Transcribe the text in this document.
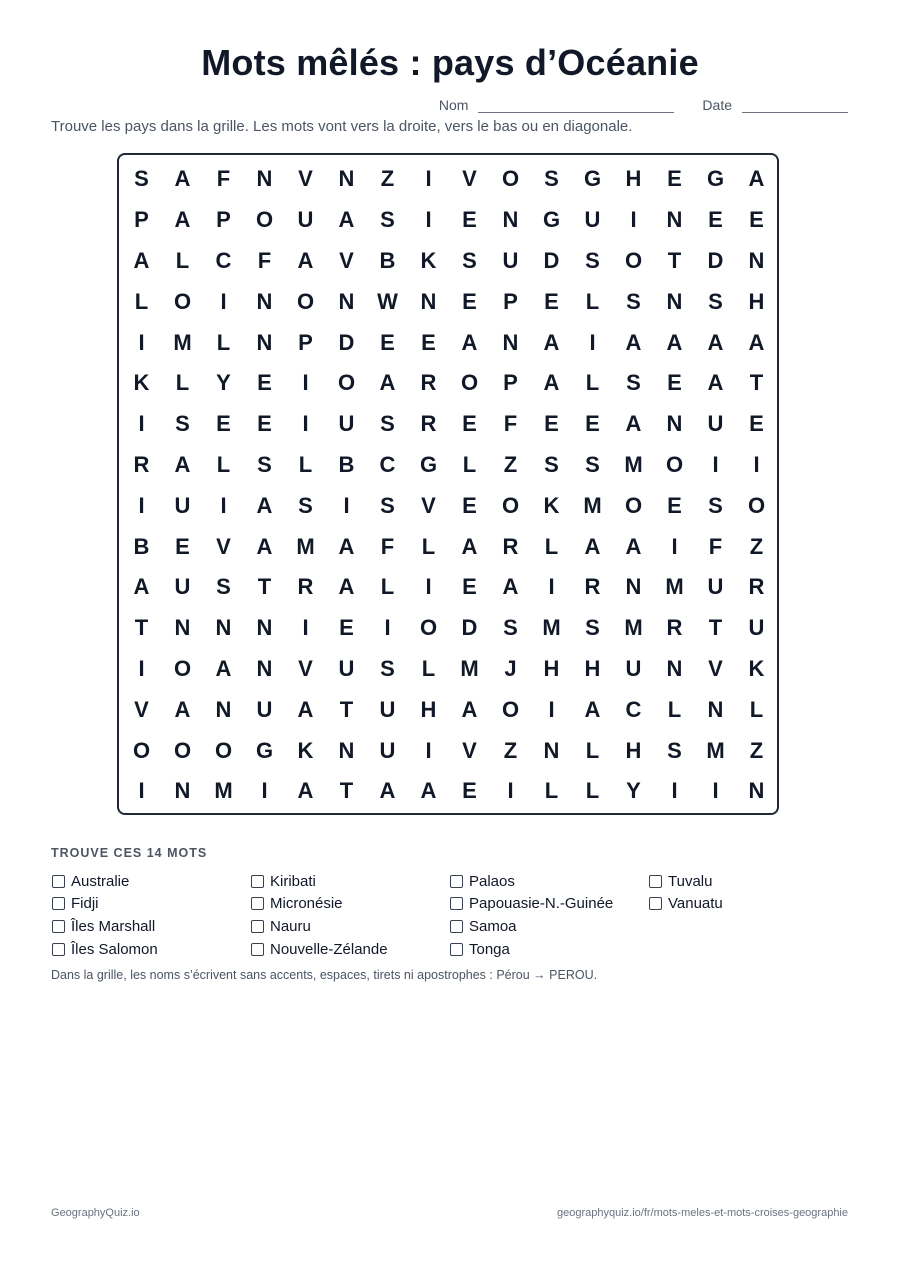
Mots mêlés : pays d’Océanie
Nom	Date
Trouve les pays dans la grille. Les mots vont vers la droite, vers le bas ou en diagonale.
S	A	F	N	V	N	Z	I	V	O	S	G	H	E	G	A
P	A	P	O	U	A	S	I	E	N	G	U	I	N	E	E
A	L	C	F	A	V	B	K	S	U	D	S	O	T	D	N
L	O	I	N	O	N	W	N	E	P	E	L	S	N	S	H
I	M	L	N	P	D	E	E	A	N	A	I	A	A	A	A
K	L	Y	E	I	O	A	R	O	P	A	L	S	E	A	T
I	S	E	E	I	U	S	R	E	F	E	E	A	N	U	E
R	A	L	S	L	B	C	G	L	Z	S	S	M	O	I	I
I	U	I	A	S	I	S	V	E	O	K	M	O	E	S	O
B	E	V	A	M	A	F	L	A	R	L	A	A	I	F	Z
A	U	S	T	R	A	L	I	E	A	I	R	N	M	U	R
T	N	N	N	I	E	I	O	D	S	M	S	M	R	T	U
I	O	A	N	V	U	S	L	M	J	H	H	U	N	V	K
V	A	N	U	A	T	U	H	A	O	I	A	C	L	N	L
O	O	O	G	K	N	U	I	V	Z	N	L	H	S	M	Z
I	N	M	I	A	T	A	A	E	I	L	L	Y	I	I	N
TROUVE CES 14 MOTS
Australie
Fidji
Îles Marshall
Îles Salomon
Kiribati
Micronésie
Nauru
Nouvelle-Zélande
Palaos
Papouasie-N.-Guinée
Samoa
Tonga
Tuvalu
Vanuatu
Dans la grille, les noms s’écrivent sans accents, espaces, tirets ni apostrophes : Pérou → PEROU.
GeographyQuiz.io	geographyquiz.io/fr/mots-meles-et-mots-croises-geographie
